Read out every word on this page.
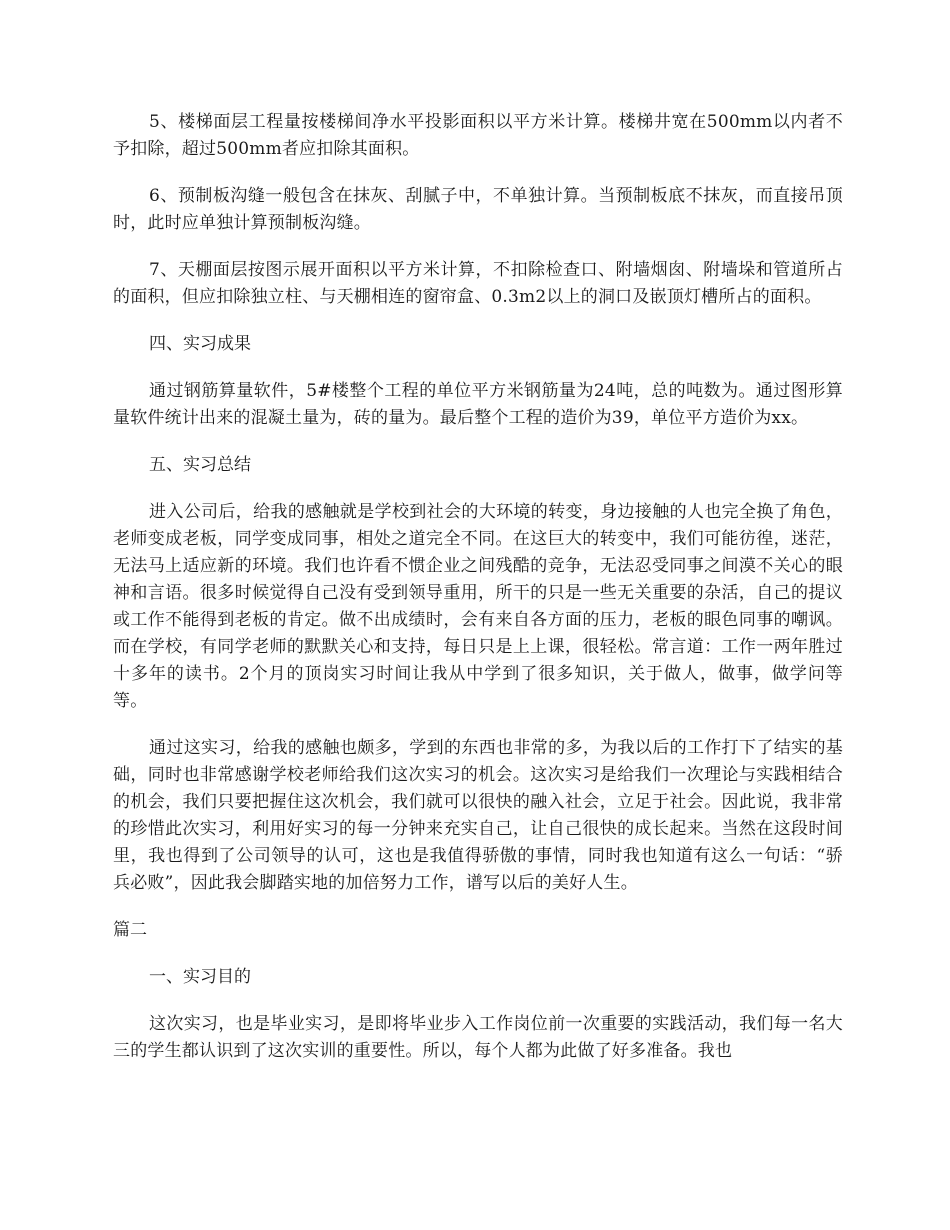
5、楼梯面层工程量按楼梯间净水平投影面积以平方米计算。楼梯井宽在500mm以内者不予扣除，超过500mm者应扣除其面积。

6、预制板沟缝一般包含在抹灰、刮腻子中，不单独计算。当预制板底不抹灰，而直接吊顶时，此时应单独计算预制板沟缝。

7、天棚面层按图示展开面积以平方米计算，不扣除检查口、附墙烟囱、附墙垛和管道所占的面积，但应扣除独立柱、与天棚相连的窗帘盒、0.3m2以上的洞口及嵌顶灯槽所占的面积。

四、实习成果

通过钢筋算量软件，5#楼整个工程的单位平方米钢筋量为24吨，总的吨数为。通过图形算量软件统计出来的混凝土量为，砖的量为。最后整个工程的造价为39，单位平方造价为xx。

五、实习总结

进入公司后，给我的感触就是学校到社会的大环境的转变，身边接触的人也完全换了角色，老师变成老板，同学变成同事，相处之道完全不同。在这巨大的转变中，我们可能彷徨，迷茫，无法马上适应新的环境。我们也许看不惯企业之间残酷的竞争，无法忍受同事之间漠不关心的眼神和言语。很多时候觉得自己没有受到领导重用，所干的只是一些无关重要的杂活，自己的提议或工作不能得到老板的肯定。做不出成绩时，会有来自各方面的压力，老板的眼色同事的嘲讽。而在学校，有同学老师的默默关心和支持，每日只是上上课，很轻松。常言道：工作一两年胜过十多年的读书。2个月的顶岗实习时间让我从中学到了很多知识，关于做人，做事，做学问等等。

通过这实习，给我的感触也颇多，学到的东西也非常的多，为我以后的工作打下了结实的基础，同时也非常感谢学校老师给我们这次实习的机会。这次实习是给我们一次理论与实践相结合的机会，我们只要把握住这次机会，我们就可以很快的融入社会，立足于社会。因此说，我非常的珍惜此次实习，利用好实习的每一分钟来充实自己，让自己很快的成长起来。当然在这段时间里，我也得到了公司领导的认可，这也是我值得骄傲的事情，同时我也知道有这么一句话：“骄兵必败”，因此我会脚踏实地的加倍努力工作，谱写以后的美好人生。

篇二

一、实习目的

这次实习，也是毕业实习，是即将毕业步入工作岗位前一次重要的实践活动，我们每一名大三的学生都认识到了这次实训的重要性。所以，每个人都为此做了好多准备。我也
